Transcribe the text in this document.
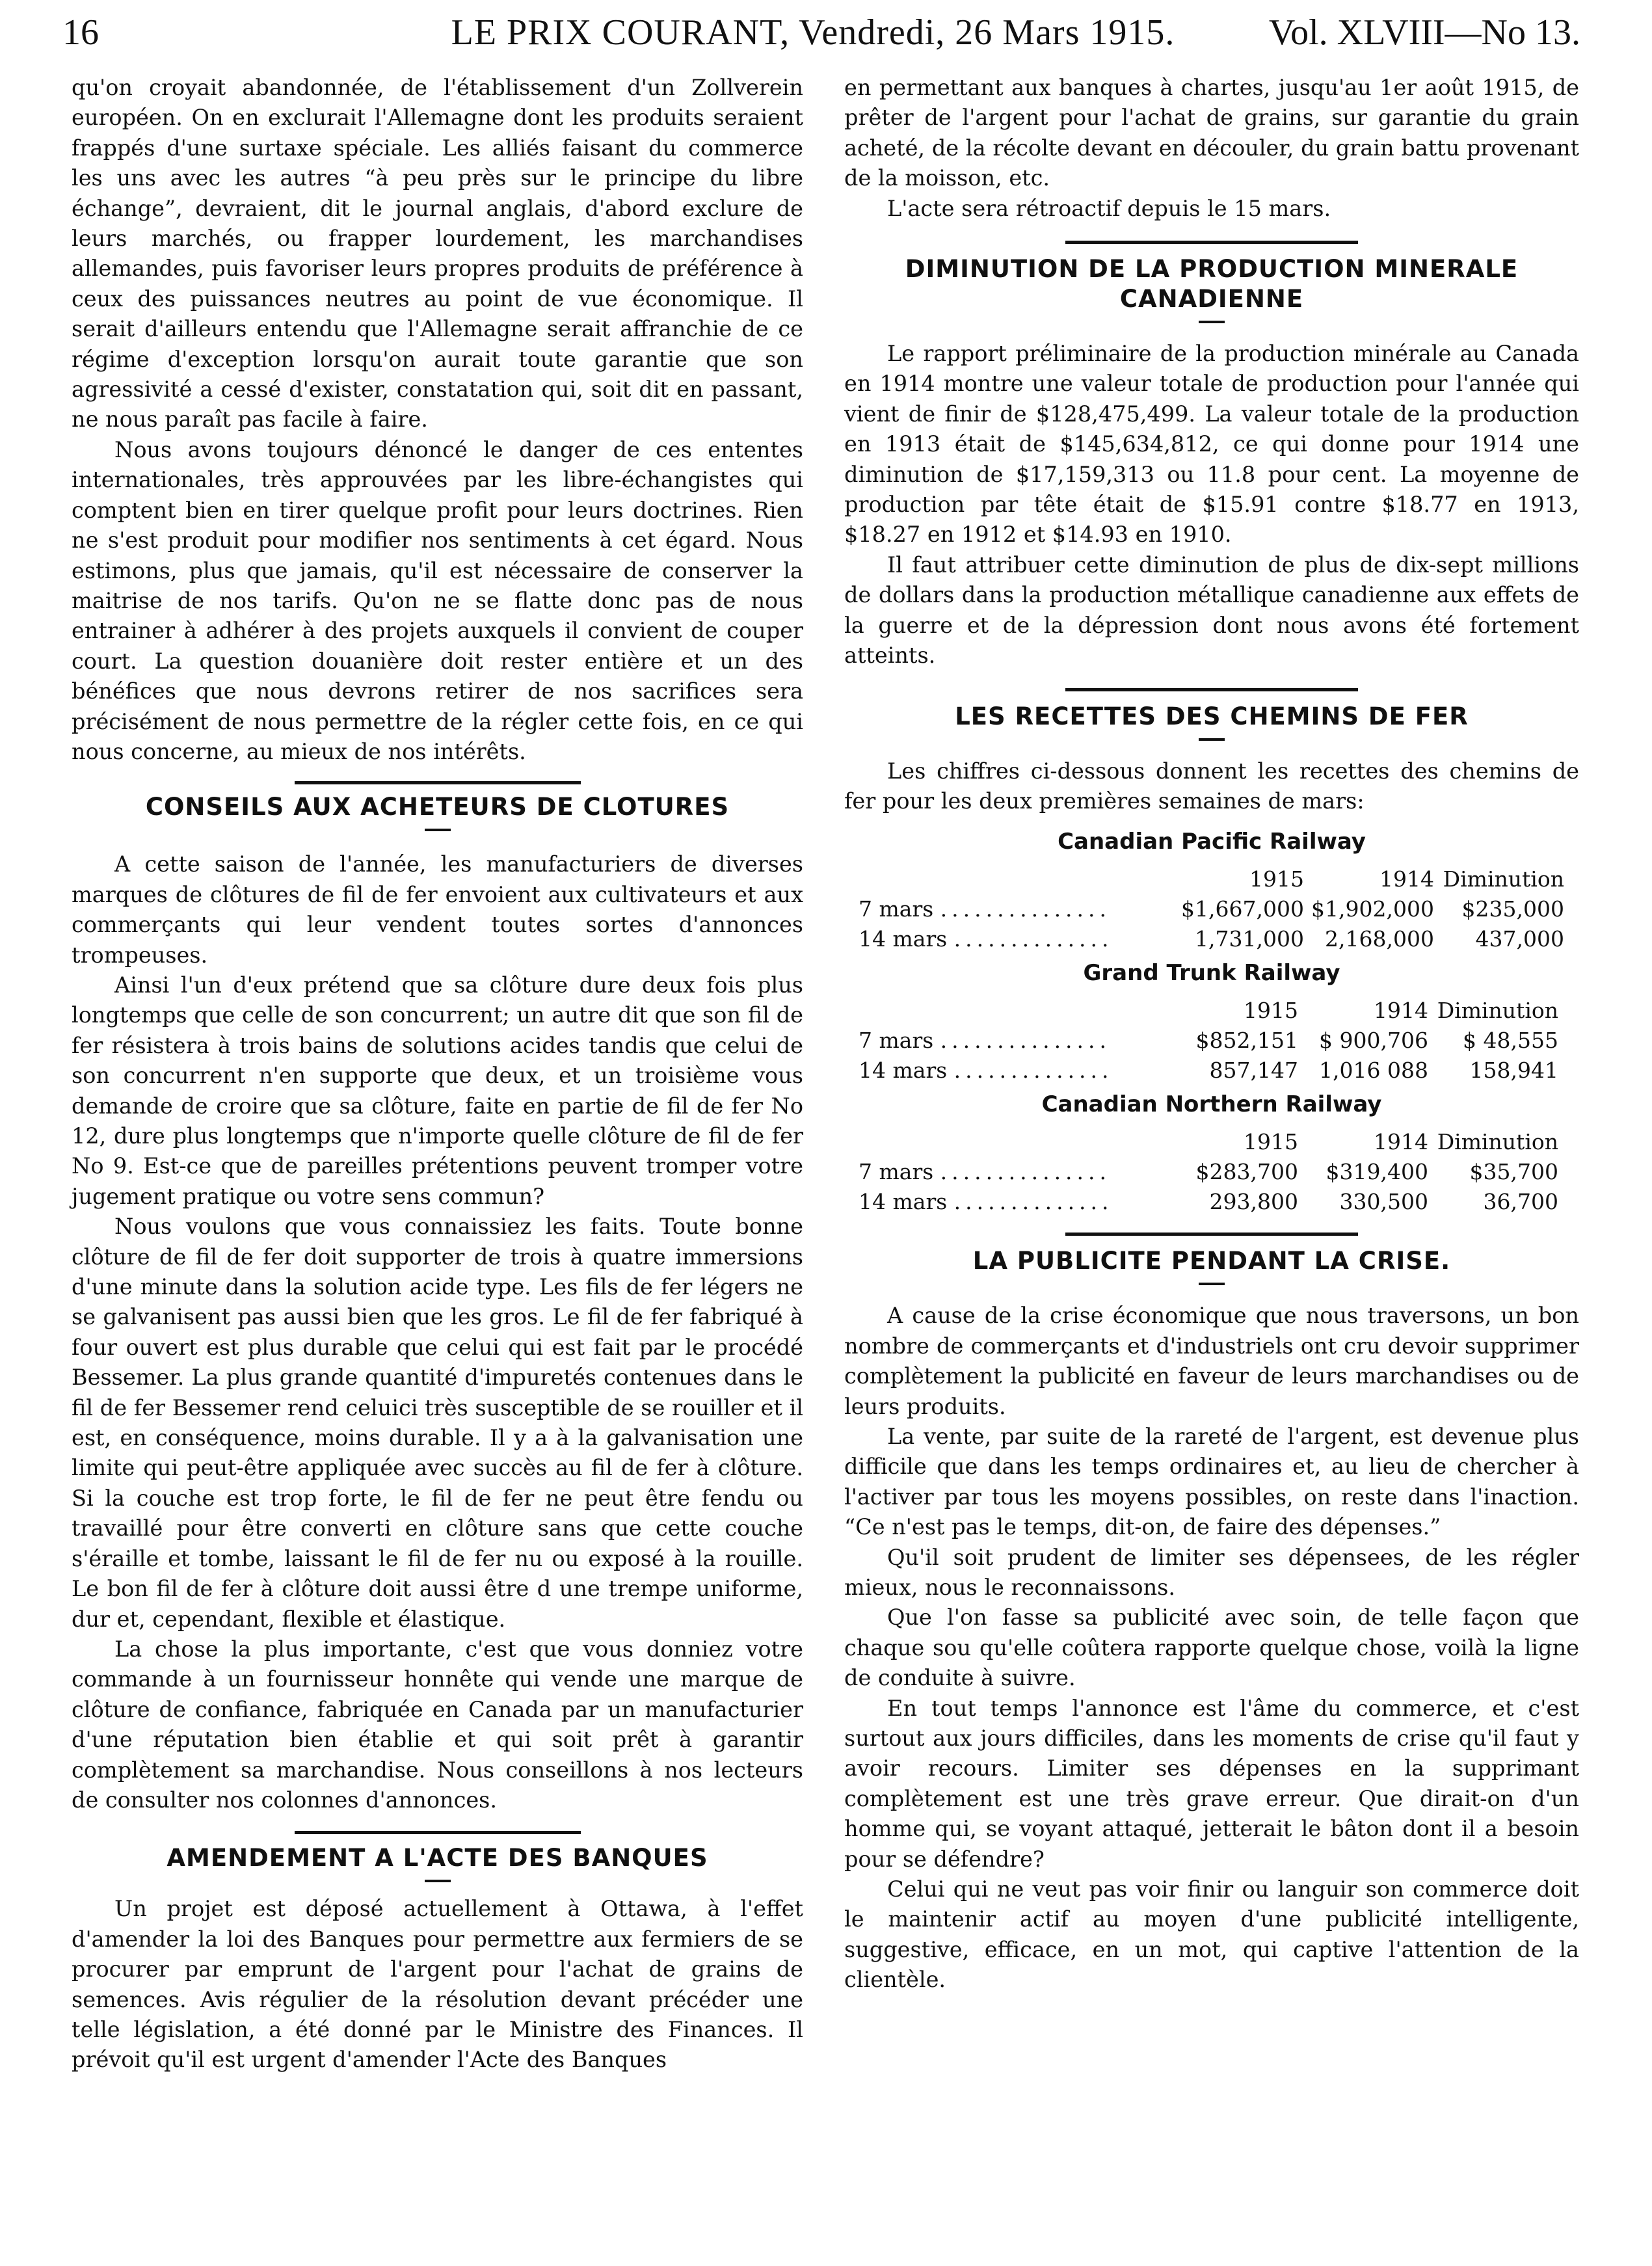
16	LE PRIX COURANT, Vendredi, 26 Mars 1915.	Vol. XLVIII—No 13.

qu'on croyait abandonnée, de l'établissement d'un Zollverein européen. On en exclurait l'Allemagne dont les produits seraient frappés d'une surtaxe spéciale. Les alliés faisant du commerce les uns avec les autres “à peu près sur le principe du libre échange”, devraient, dit le journal anglais, d'abord exclure de leurs marchés, ou frapper lourdement, les marchandises allemandes, puis favoriser leurs propres produits de préférence à ceux des puissances neutres au point de vue économique. Il serait d'ailleurs entendu que l'Allemagne serait affranchie de ce régime d'exception lorsqu'on aurait toute garantie que son agressivité a cessé d'exister, constatation qui, soit dit en passant, ne nous paraît pas facile à faire.

Nous avons toujours dénoncé le danger de ces ententes internationales, très approuvées par les libre-échangistes qui comptent bien en tirer quelque profit pour leurs doctrines. Rien ne s'est produit pour modifier nos sentiments à cet égard. Nous estimons, plus que jamais, qu'il est nécessaire de conserver la maitrise de nos tarifs. Qu'on ne se flatte donc pas de nous entrainer à adhérer à des projets auxquels il convient de couper court. La question douanière doit rester entière et un des bénéfices que nous devrons retirer de nos sacrifices sera précisément de nous permettre de la régler cette fois, en ce qui nous concerne, au mieux de nos intérêts.

CONSEILS AUX ACHETEURS DE CLOTURES

A cette saison de l'année, les manufacturiers de diverses marques de clôtures de fil de fer envoient aux cultivateurs et aux commerçants qui leur vendent toutes sortes d'annonces trompeuses.

Ainsi l'un d'eux prétend que sa clôture dure deux fois plus longtemps que celle de son concurrent; un autre dit que son fil de fer résistera à trois bains de solutions acides tandis que celui de son concurrent n'en supporte que deux, et un troisième vous demande de croire que sa clôture, faite en partie de fil de fer No 12, dure plus longtemps que n'importe quelle clôture de fil de fer No 9. Est-ce que de pareilles prétentions peuvent tromper votre jugement pratique ou votre sens commun?

Nous voulons que vous connaissiez les faits. Toute bonne clôture de fil de fer doit supporter de trois à quatre immersions d'une minute dans la solution acide type. Les fils de fer légers ne se galvanisent pas aussi bien que les gros. Le fil de fer fabriqué à four ouvert est plus durable que celui qui est fait par le procédé Bessemer. La plus grande quantité d'impuretés contenues dans le fil de fer Bessemer rend celuici très susceptible de se rouiller et il est, en conséquence, moins durable. Il y a à la galvanisation une limite qui peut-être appliquée avec succès au fil de fer à clôture. Si la couche est trop forte, le fil de fer ne peut être fendu ou travaillé pour être converti en clôture sans que cette couche s'éraille et tombe, laissant le fil de fer nu ou exposé à la rouille. Le bon fil de fer à clôture doit aussi être d une trempe uniforme, dur et, cependant, flexible et élastique.

La chose la plus importante, c'est que vous donniez votre commande à un fournisseur honnête qui vende une marque de clôture de confiance, fabriquée en Canada par un manufacturier d'une réputation bien établie et qui soit prêt à garantir complètement sa marchandise. Nous conseillons à nos lecteurs de consulter nos colonnes d'annonces.

AMENDEMENT A L'ACTE DES BANQUES

Un projet est déposé actuellement à Ottawa, à l'effet d'amender la loi des Banques pour permettre aux fermiers de se procurer par emprunt de l'argent pour l'achat de grains de semences. Avis régulier de la résolution devant précéder une telle législation, a été donné par le Ministre des Finances. Il prévoit qu'il est urgent d'amender l'Acte des Banques

en permettant aux banques à chartes, jusqu'au 1er août 1915, de prêter de l'argent pour l'achat de grains, sur garantie du grain acheté, de la récolte devant en découler, du grain battu provenant de la moisson, etc.

L'acte sera rétroactif depuis le 15 mars.

DIMINUTION DE LA PRODUCTION MINERALE
CANADIENNE

Le rapport préliminaire de la production minérale au Canada en 1914 montre une valeur totale de production pour l'année qui vient de finir de $128,475,499. La valeur totale de la production en 1913 était de $145,634,812, ce qui donne pour 1914 une diminution de $17,159,313 ou 11.8 pour cent. La moyenne de production par tête était de $15.91 contre $18.77 en 1913, $18.27 en 1912 et $14.93 en 1910.

Il faut attribuer cette diminution de plus de dix-sept millions de dollars dans la production métallique canadienne aux effets de la guerre et de la dépression dont nous avons été fortement atteints.

LES RECETTES DES CHEMINS DE FER

Les chiffres ci-dessous donnent les recettes des chemins de fer pour les deux premières semaines de mars:

Canadian Pacific Railway
	1915	1914	Diminution
7 mars ...............	$1,667,000	$1,902,000	$235,000
14 mars ..............	1,731,000	2,168,000	437,000
Grand Trunk Railway
	1915	1914	Diminution
7 mars ...............	$852,151	$ 900,706	$ 48,555
14 mars ..............	857,147	1,016 088	158,941
Canadian Northern Railway
	1915	1914	Diminution
7 mars ...............	$283,700	$319,400	$35,700
14 mars ..............	293,800	330,500	36,700
LA PUBLICITE PENDANT LA CRISE.

A cause de la crise économique que nous traversons, un bon nombre de commerçants et d'industriels ont cru devoir supprimer complètement la publicité en faveur de leurs marchandises ou de leurs produits.

La vente, par suite de la rareté de l'argent, est devenue plus difficile que dans les temps ordinaires et, au lieu de chercher à l'activer par tous les moyens possibles, on reste dans l'inaction. “Ce n'est pas le temps, dit-on, de faire des dépenses.”

Qu'il soit prudent de limiter ses dépensees, de les régler mieux, nous le reconnaissons.

Que l'on fasse sa publicité avec soin, de telle façon que chaque sou qu'elle coûtera rapporte quelque chose, voilà la ligne de conduite à suivre.

En tout temps l'annonce est l'âme du commerce, et c'est surtout aux jours difficiles, dans les moments de crise qu'il faut y avoir recours. Limiter ses dépenses en la supprimant complètement est une très grave erreur. Que dirait-on d'un homme qui, se voyant attaqué, jetterait le bâton dont il a besoin pour se défendre?

Celui qui ne veut pas voir finir ou languir son commerce doit le maintenir actif au moyen d'une publicité intelligente, suggestive, efficace, en un mot, qui captive l'attention de la clientèle.
